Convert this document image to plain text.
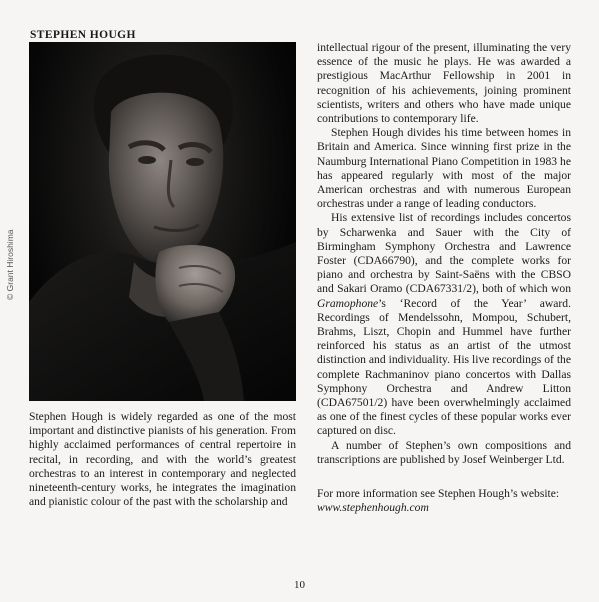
STEPHEN HOUGH
© Grant Hiroshima

Stephen Hough is widely regarded as one of the most important and distinctive pianists of his generation. From highly acclaimed performances of central repertoire in recital, in recording, and with the world’s greatest orchestras to an interest in contemporary and neglected nineteenth-century works, he integrates the imagination and pianistic colour of the past with the scholarship and

intellectual rigour of the present, illuminating the very essence of the music he plays. He was awarded a prestigious MacArthur Fellowship in 2001 in recognition of his achievements, joining prominent scientists, writers and others who have made unique contributions to contemporary life.

Stephen Hough divides his time between homes in Britain and America. Since winning first prize in the Naumburg International Piano Competition in 1983 he has appeared regularly with most of the major American orchestras and with numerous European orchestras under a range of leading conductors.

His extensive list of recordings includes concertos by Scharwenka and Sauer with the City of Birmingham Symphony Orchestra and Lawrence Foster (CDA66790), and the complete works for piano and orchestra by Saint-Saëns with the CBSO and Sakari Oramo (CDA67331/2), both of which won Gramophone’s ‘Record of the Year’ award. Recordings of Mendelssohn, Mompou, Schubert, Brahms, Liszt, Chopin and Hummel have further reinforced his status as an artist of the utmost distinction and individuality. His live recordings of the complete Rachmaninov piano concertos with Dallas Symphony Orchestra and Andrew Litton (CDA67501/2) have been overwhelmingly acclaimed as one of the finest cycles of these popular works ever captured on disc.

A number of Stephen’s own compositions and transcriptions are published by Josef Weinberger Ltd.

For more information see Stephen Hough’s website:

www.stephenhough.com

10
